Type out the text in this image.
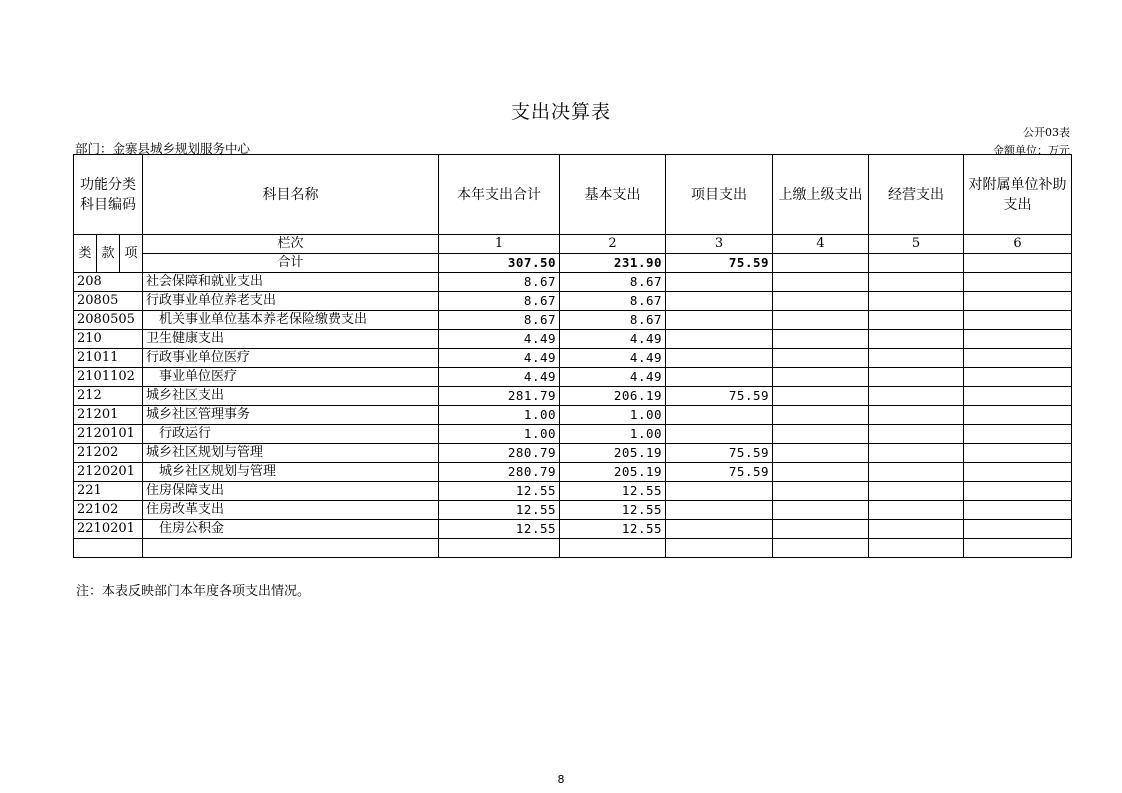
支出决算表
公开03表
部门：金寨县城乡规划服务中心	金额单位：万元
功能分类科目编码			科目名称	本年支出合计	基本支出	项目支出	上缴上级支出	经营支出	对附属单位补助支出
类	款	项	栏次	1	2	3	4	5	6
			合计	307.50	231.90	75.59			
208			社会保障和就业支出	8.67	8.67				
20805			行政事业单位养老支出	8.67	8.67				
2080505			机关事业单位基本养老保险缴费支出	8.67	8.67				
210			卫生健康支出	4.49	4.49				
21011			行政事业单位医疗	4.49	4.49				
2101102			事业单位医疗	4.49	4.49				
212			城乡社区支出	281.79	206.19	75.59			
21201			城乡社区管理事务	1.00	1.00				
2120101			行政运行	1.00	1.00				
21202			城乡社区规划与管理	280.79	205.19	75.59			
2120201			城乡社区规划与管理	280.79	205.19	75.59			
221			住房保障支出	12.55	12.55				
22102			住房改革支出	12.55	12.55				
2210201			住房公积金	12.55	12.55				

注：本表反映部门本年度各项支出情况。
8
